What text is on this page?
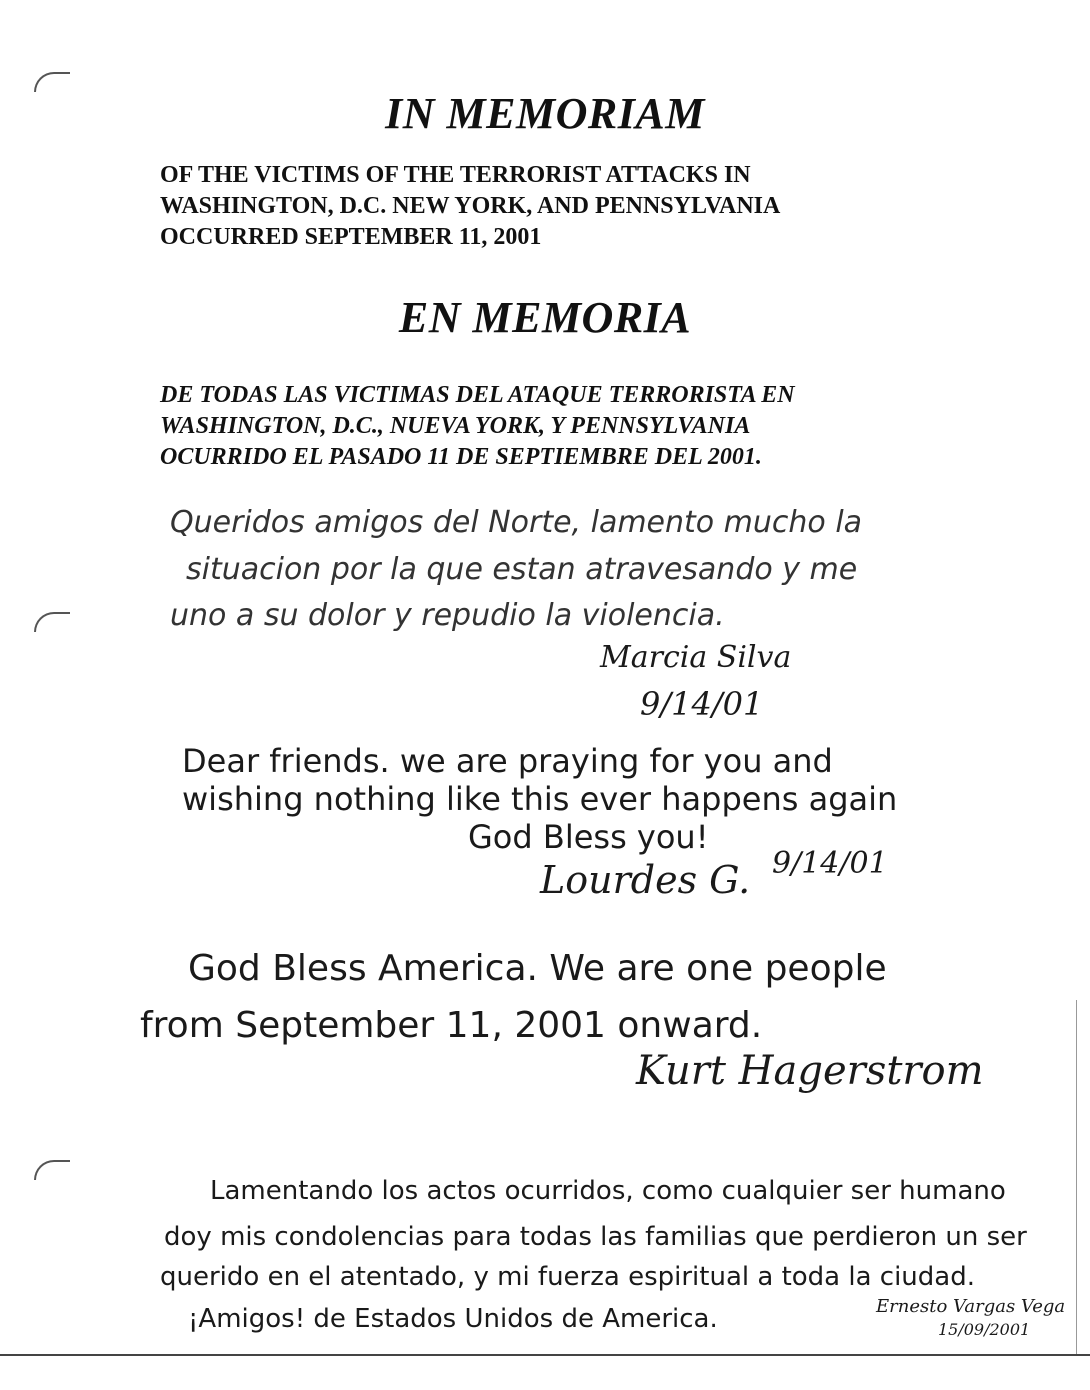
IN MEMORIAM
OF THE VICTIMS OF THE TERRORIST ATTACKS IN
WASHINGTON, D.C. NEW YORK, AND PENNSYLVANIA
OCCURRED SEPTEMBER 11, 2001
EN MEMORIA
DE TODAS LAS VICTIMAS DEL ATAQUE TERRORISTA EN
WASHINGTON, D.C., NUEVA YORK, Y PENNSYLVANIA
OCURRIDO EL PASADO 11 DE SEPTIEMBRE DEL 2001.
Queridos amigos del Norte, lamento mucho la
situacion por la que estan atravesando y me
uno a su dolor y repudio la violencia.
Marcia Silva
9/14/01
Dear friends. we are praying for you and
wishing nothing like this ever happens again
God Bless you!
Lourdes G. 9/14/01
God Bless America. We are one people
from September 11, 2001 onward.
Kurt Hagerstrom
Lamentando los actos ocurridos, como cualquier ser humano
doy mis condolencias para todas las familias que perdieron un ser
querido en el atentado, y mi fuerza espiritual a toda la ciudad.
¡Amigos! de Estados Unidos de America.	Ernesto Vargas Vega
15/09/2001
